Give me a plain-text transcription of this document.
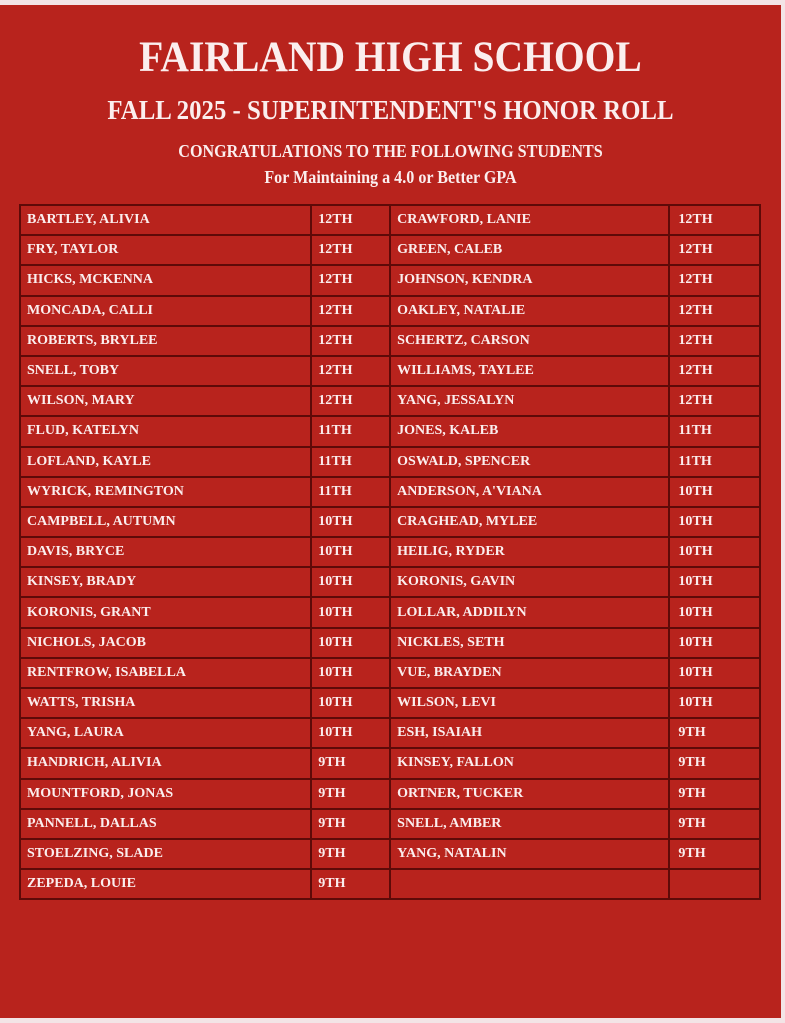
FAIRLAND HIGH SCHOOL
FALL 2025 - SUPERINTENDENT'S HONOR ROLL
CONGRATULATIONS TO THE FOLLOWING STUDENTS
For Maintaining a 4.0 or Better GPA
BARTLEY, ALIVIA	12TH	CRAWFORD, LANIE	12TH
FRY, TAYLOR	12TH	GREEN, CALEB	12TH
HICKS, MCKENNA	12TH	JOHNSON, KENDRA	12TH
MONCADA, CALLI	12TH	OAKLEY, NATALIE	12TH
ROBERTS, BRYLEE	12TH	SCHERTZ, CARSON	12TH
SNELL, TOBY	12TH	WILLIAMS, TAYLEE	12TH
WILSON, MARY	12TH	YANG, JESSALYN	12TH
FLUD, KATELYN	11TH	JONES, KALEB	11TH
LOFLAND, KAYLE	11TH	OSWALD, SPENCER	11TH
WYRICK, REMINGTON	11TH	ANDERSON, A'VIANA	10TH
CAMPBELL, AUTUMN	10TH	CRAGHEAD, MYLEE	10TH
DAVIS, BRYCE	10TH	HEILIG, RYDER	10TH
KINSEY, BRADY	10TH	KORONIS, GAVIN	10TH
KORONIS, GRANT	10TH	LOLLAR, ADDILYN	10TH
NICHOLS, JACOB	10TH	NICKLES, SETH	10TH
RENTFROW, ISABELLA	10TH	VUE, BRAYDEN	10TH
WATTS, TRISHA	10TH	WILSON, LEVI	10TH
YANG, LAURA	10TH	ESH, ISAIAH	9TH
HANDRICH, ALIVIA	9TH	KINSEY, FALLON	9TH
MOUNTFORD, JONAS	9TH	ORTNER, TUCKER	9TH
PANNELL, DALLAS	9TH	SNELL, AMBER	9TH
STOELZING, SLADE	9TH	YANG, NATALIN	9TH
ZEPEDA, LOUIE	9TH		
